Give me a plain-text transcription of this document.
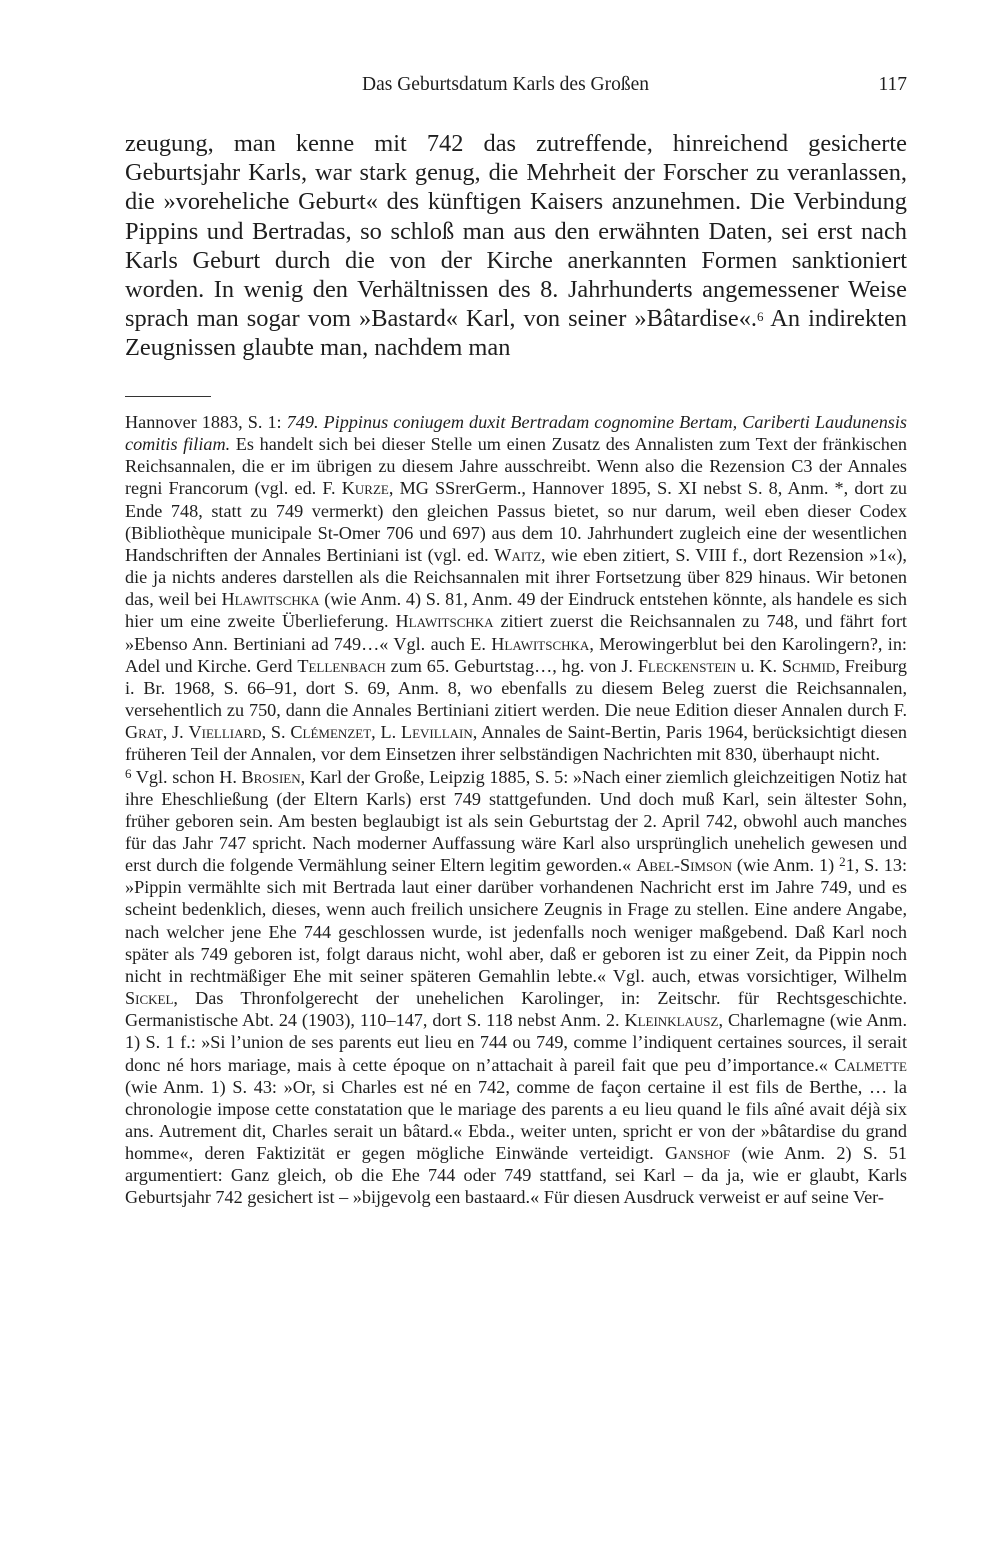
Das Geburtsdatum Karls des Großen	117

zeugung, man kenne mit 742 das zutreffende, hinreichend gesicherte Geburtsjahr Karls, war stark genug, die Mehrheit der Forscher zu veranlassen, die »voreheliche Geburt« des künftigen Kaisers anzunehmen. Die Verbindung Pippins und Bertradas, so schloß man aus den erwähnten Daten, sei erst nach Karls Geburt durch die von der Kirche anerkannten Formen sanktioniert worden. In wenig den Verhältnissen des 8. Jahrhunderts angemessener Weise sprach man sogar vom »Bastard« Karl, von seiner »Bâtardise«.$^6$ An indirekten Zeugnissen glaubte man, nachdem man

Hannover 1883, S. 1: 749. Pippinus coniugem duxit Bertradam cognomine Bertam, Cariberti Laudunensis comitis filiam. Es handelt sich bei dieser Stelle um einen Zusatz des Annalisten zum Text der fränkischen Reichsannalen, die er im übrigen zu diesem Jahre ausschreibt. Wenn also die Rezension C3 der Annales regni Francorum (vgl. ed. F. Kurze, MG SSrerGerm., Hannover 1895, S. XI nebst S. 8, Anm. *, dort zu Ende 748, statt zu 749 vermerkt) den gleichen Passus bietet, so nur darum, weil eben dieser Codex (Bibliothèque municipale St-Omer 706 und 697) aus dem 10. Jahrhundert zugleich eine der wesentlichen Handschriften der Annales Bertiniani ist (vgl. ed. Waitz, wie eben zitiert, S. VIII f., dort Rezension »1«), die ja nichts anderes darstellen als die Reichsannalen mit ihrer Fortsetzung über 829 hinaus. Wir betonen das, weil bei Hlawitschka (wie Anm. 4) S. 81, Anm. 49 der Eindruck entstehen könnte, als handele es sich hier um eine zweite Überlieferung. Hlawitschka zitiert zuerst die Reichsannalen zu 748, und fährt fort »Ebenso Ann. Bertiniani ad 749…« Vgl. auch E. Hlawitschka, Merowingerblut bei den Karolingern?, in: Adel und Kirche. Gerd Tellenbach zum 65. Geburtstag…, hg. von J. Fleckenstein u. K. Schmid, Freiburg i. Br. 1968, S. 66–91, dort S. 69, Anm. 8, wo ebenfalls zu diesem Beleg zuerst die Reichsannalen, versehentlich zu 750, dann die Annales Bertiniani zitiert werden. Die neue Edition dieser Annalen durch F. Grat, J. Vielliard, S. Clémenzet, L. Levillain, Annales de Saint-Bertin, Paris 1964, berücksichtigt diesen früheren Teil der Annalen, vor dem Einsetzen ihrer selbständigen Nachrichten mit 830, überhaupt nicht.

$^6$ Vgl. schon H. Brosien, Karl der Große, Leipzig 1885, S. 5: »Nach einer ziemlich gleichzeitigen Notiz hat ihre Eheschließung (der Eltern Karls) erst 749 stattgefunden. Und doch muß Karl, sein ältester Sohn, früher geboren sein. Am besten beglaubigt ist als sein Geburtstag der 2. April 742, obwohl auch manches für das Jahr 747 spricht. Nach moderner Auffassung wäre Karl also ursprünglich unehelich gewesen und erst durch die folgende Vermählung seiner Eltern legitim geworden.« Abel-Simson (wie Anm. 1) $^2$1, S. 13: »Pippin vermählte sich mit Bertrada laut einer darüber vorhandenen Nachricht erst im Jahre 749, und es scheint bedenklich, dieses, wenn auch freilich unsichere Zeugnis in Frage zu stellen. Eine andere Angabe, nach welcher jene Ehe 744 geschlossen wurde, ist jedenfalls noch weniger maßgebend. Daß Karl noch später als 749 geboren ist, folgt daraus nicht, wohl aber, daß er geboren ist zu einer Zeit, da Pippin noch nicht in rechtmäßiger Ehe mit seiner späteren Gemahlin lebte.« Vgl. auch, etwas vorsichtiger, Wilhelm Sickel, Das Thronfolgerecht der unehelichen Karolinger, in: Zeitschr. für Rechtsgeschichte. Germanistische Abt. 24 (1903), 110–147, dort S. 118 nebst Anm. 2. Kleinklausz, Charlemagne (wie Anm. 1) S. 1 f.: »Si l’union de ses parents eut lieu en 744 ou 749, comme l’indiquent certaines sources, il serait donc né hors mariage, mais à cette époque on n’attachait à pareil fait que peu d’importance.« Calmette (wie Anm. 1) S. 43: »Or, si Charles est né en 742, comme de façon certaine il est fils de Berthe, … la chronologie impose cette constatation que le mariage des parents a eu lieu quand le fils aîné avait déjà six ans. Autrement dit, Charles serait un bâtard.« Ebda., weiter unten, spricht er von der »bâtardise du grand homme«, deren Faktizität er gegen mögliche Einwände verteidigt. Ganshof (wie Anm. 2) S. 51 argumentiert: Ganz gleich, ob die Ehe 744 oder 749 stattfand, sei Karl – da ja, wie er glaubt, Karls Geburtsjahr 742 gesichert ist – »bijgevolg een bastaard.« Für diesen Ausdruck verweist er auf seine Ver-
